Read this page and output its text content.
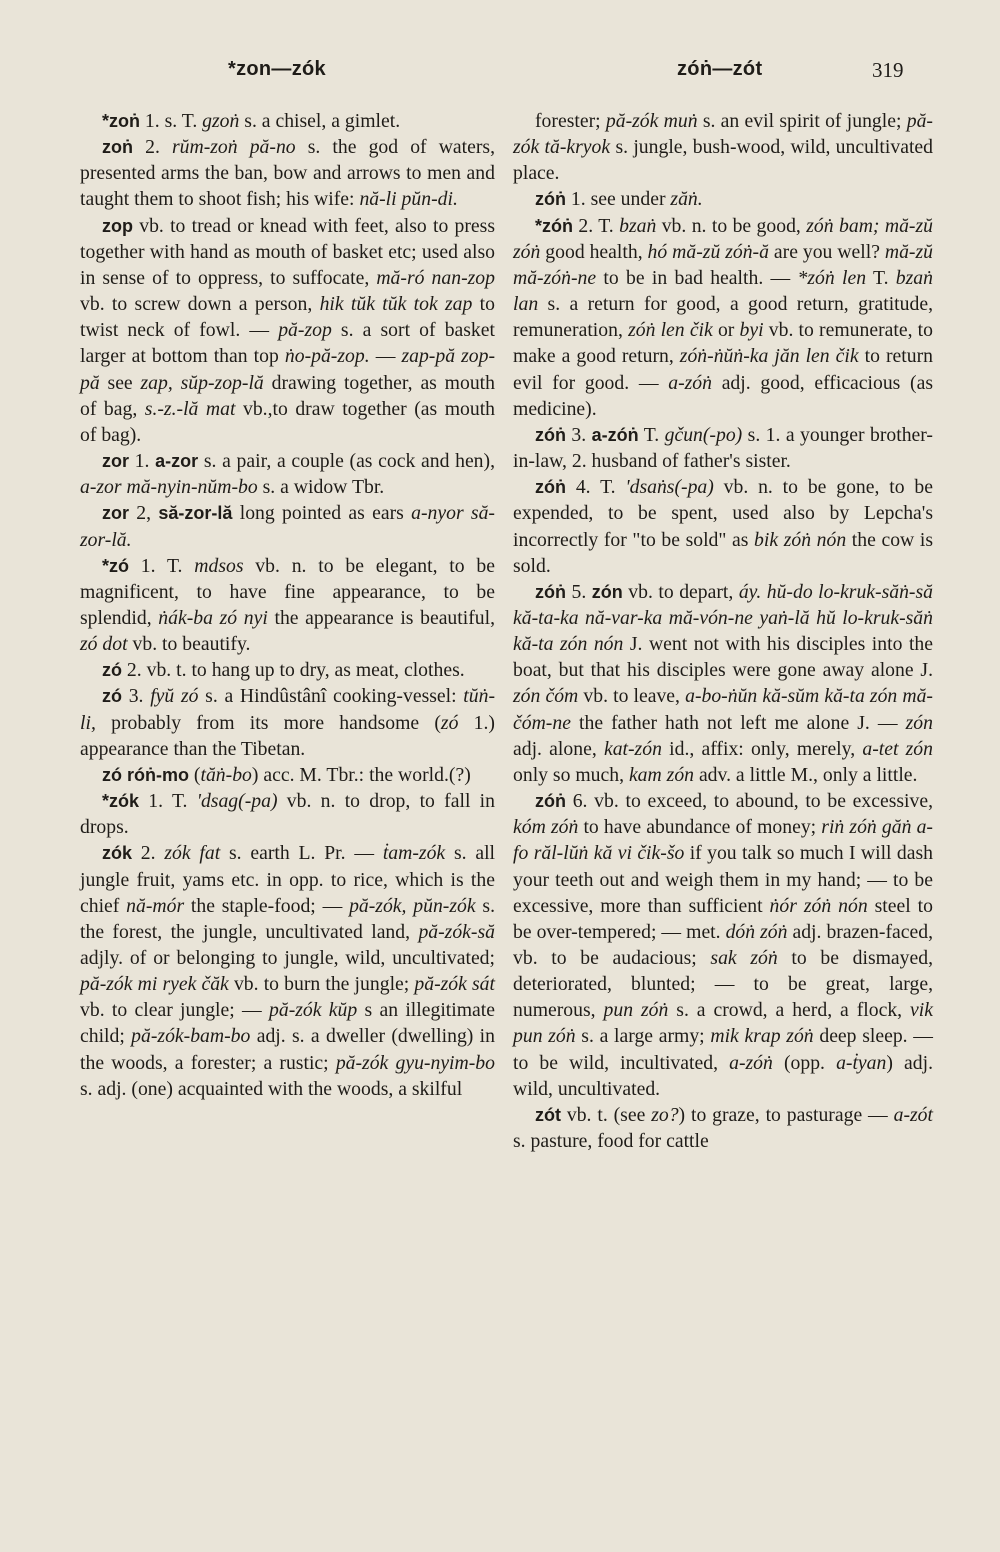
*zon—zók	zóṅ—zót	319

*zoṅ 1. s. T. gzoṅ s. a chisel, a gimlet.

zoṅ 2. rŭm-zoṅ pă-no s. the god of waters, presented arms the ban, bow and arrows to men and taught them to shoot fish; his wife: nă-li pŭn-di.

zop vb. to tread or knead with feet, also to press together with hand as mouth of basket etc; used also in sense of to oppress, to suffocate, mă-ró nan-zop vb. to screw down a person, hik tŭk tŭk tok zap to twist neck of fowl. — pă-zop s. a sort of basket larger at bottom than top ṅo-pă-zop. — zap-pă zop-pă see zap, sŭp-zop-lă drawing together, as mouth of bag, s.-z.-lă mat vb.,to draw together (as mouth of bag).

zor 1. a-zor s. a pair, a couple (as cock and hen), a-zor mă-nyin-nŭm-bo s. a widow Tbr.

zor 2, să-zor-lă long pointed as ears a-nyor să-zor-lă.

*zó 1. T. mdsos vb. n. to be elegant, to be magnificent, to have fine appearance, to be splendid, ṅák-ba zó nyi the appearance is beautiful, zó dot vb. to beautify.

zó 2. vb. t. to hang up to dry, as meat, clothes.

zó 3. fyŭ zó s. a Hindûstânî cooking-vessel: tŭṅ-li, probably from its more handsome (zó 1.) appearance than the Tibetan.

zó róṅ-mo (tăṅ-bo) acc. M. Tbr.: the world.(?)

*zók 1. T. 'dsag(-pa) vb. n. to drop, to fall in drops.

zók 2. zók fat s. earth L. Pr. — ṫam-zók s. all jungle fruit, yams etc. in opp. to rice, which is the chief nă-mór the staple-food; — pă-zók, pŭn-zók s. the forest, the jungle, uncultivated land, pă-zók-să adjly. of or belonging to jungle, wild, uncultivated; pă-zók mi ryek čăk vb. to burn the jungle; pă-zók sát vb. to clear jungle; — pă-zók kŭp s an illegitimate child; pă-zók-bam-bo adj. s. a dweller (dwelling) in the woods, a forester; a rustic; pă-zók gyu-nyim-bo s. adj. (one) acquainted with the woods, a skilful

forester; pă-zók muṅ s. an evil spirit of jungle; pă-zók tă-kryok s. jungle, bush-wood, wild, uncultivated place.

zóṅ 1. see under zăṅ.

*zóṅ 2. T. bzaṅ vb. n. to be good, zóṅ bam; mă-zŭ zóṅ good health, hó mă-zŭ zóṅ-ă are you well? mă-zŭ mă-zóṅ-ne to be in bad health. — *zóṅ len T. bzaṅ lan s. a return for good, a good return, gratitude, remuneration, zóṅ len čik or byi vb. to remunerate, to make a good return, zóṅ-ṅŭṅ-ka jăn len čik to return evil for good. — a-zóṅ adj. good, efficacious (as medicine).

zóṅ 3. a-zóṅ T. gčun(-po) s. 1. a younger brother-in-law, 2. husband of father's sister.

zóṅ 4. T. 'dsaṅs(-pa) vb. n. to be gone, to be expended, to be spent, used also by Lepcha's incorrectly for "to be sold" as bik zóṅ nón the cow is sold.

zóṅ 5. zón vb. to depart, áy. hŭ-do lo-kruk-săṅ-să kă-ta-ka nă-var-ka mă-vón-ne yaṅ-lă hŭ lo-kruk-săṅ kă-ta zón nón J. went not with his disciples into the boat, but that his disciples were gone away alone J. zón čóm vb. to leave, a-bo-ṅŭn kă-sŭm kă-ta zón mă-čóm-ne the father hath not left me alone J. — zón adj. alone, kat-zón id., affix: only, merely, a-tet zón only so much, kam zón adv. a little M., only a little.

zóṅ 6. vb. to exceed, to abound, to be excessive, kóm zóṅ to have abundance of money; riṅ zóṅ găṅ a-fo răl-lŭṅ kă vi čik-šo if you talk so much I will dash your teeth out and weigh them in my hand; — to be excessive, more than sufficient ṅór zóṅ nón steel to be over-tempered; — met. dóṅ zóṅ adj. brazen-faced, vb. to be audacious; sak zóṅ to be dismayed, deteriorated, blunted; — to be great, large, numerous, pun zóṅ s. a crowd, a herd, a flock, vik pun zóṅ s. a large army; mik krap zóṅ deep sleep. — to be wild, incultivated, a-zóṅ (opp. a-ṫyan) adj. wild, uncultivated.

zót vb. t. (see zo?) to graze, to pasturage — a-zót s. pasture, food for cattle
